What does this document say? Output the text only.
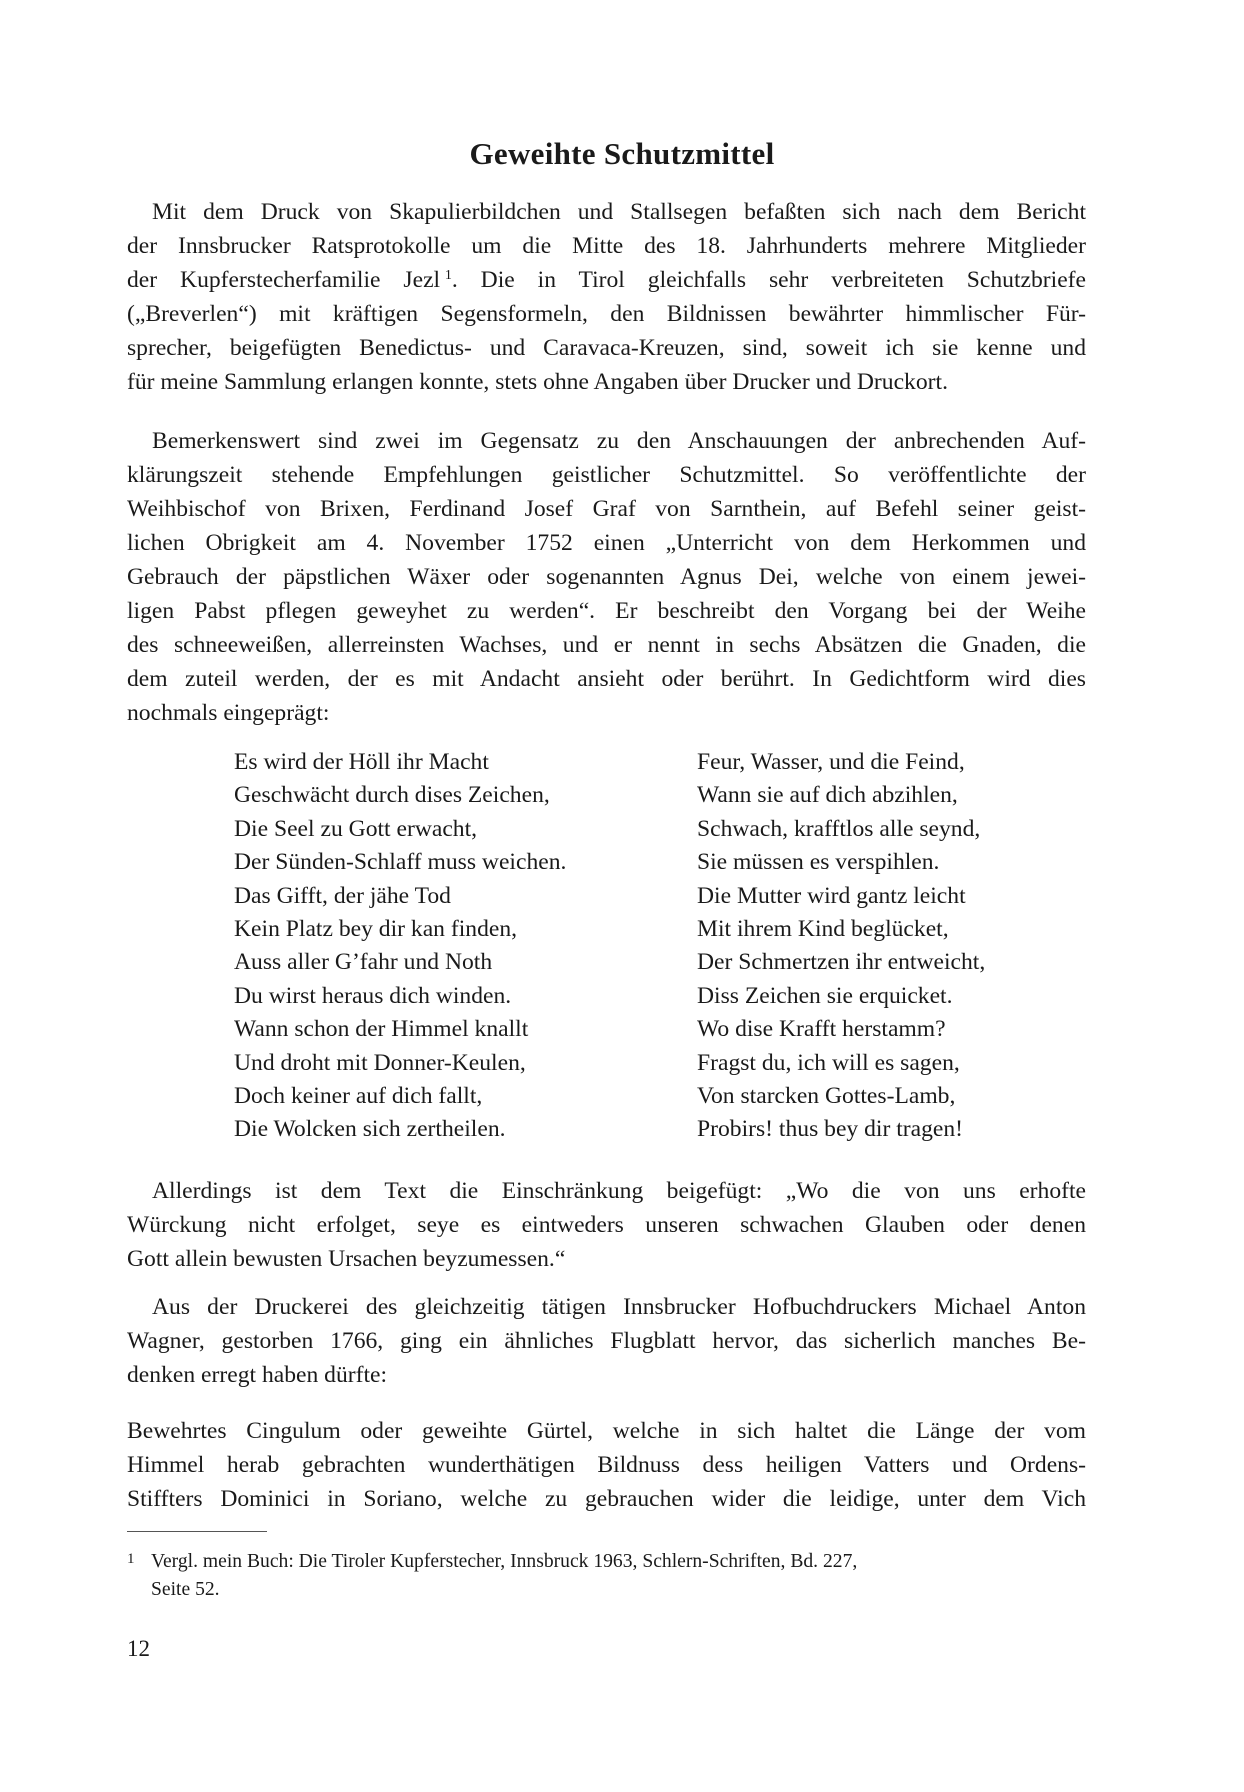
Geweihte Schutzmittel
Mit dem Druck von Skapulierbildchen und Stallsegen befaßten sich nach dem Bericht
der Innsbrucker Ratsprotokolle um die Mitte des 18. Jahrhunderts mehrere Mitglieder
der Kupferstecherfamilie Jezl  $^1$. Die in Tirol gleichfalls sehr verbreiteten Schutzbriefe
(„Breverlen“) mit kräftigen Segensformeln, den Bildnissen bewährter himmlischer Für-
sprecher, beigefügten Benedictus- und Caravaca-Kreuzen, sind, soweit ich sie kenne und
für meine Sammlung erlangen konnte, stets ohne Angaben über Drucker und Druckort.
Bemerkenswert sind zwei im Gegensatz zu den Anschauungen der anbrechenden Auf-
klärungszeit stehende Empfehlungen geistlicher Schutzmittel. So veröffentlichte der
Weihbischof von Brixen, Ferdinand Josef Graf von Sarnthein, auf Befehl seiner geist-
lichen Obrigkeit am 4. November 1752 einen „Unterricht von dem Herkommen und
Gebrauch der päpstlichen Wäxer oder sogenannten Agnus Dei, welche von einem jewei-
ligen Pabst pflegen geweyhet zu werden“. Er beschreibt den Vorgang bei der Weihe
des schneeweißen, allerreinsten Wachses, und er nennt in sechs Absätzen die Gnaden, die
dem zuteil werden, der es mit Andacht ansieht oder berührt. In Gedichtform wird dies
nochmals eingeprägt:
Es wird der Höll ihr Macht
Geschwächt durch dises Zeichen,
Die Seel zu Gott erwacht,
Der Sünden-Schlaff muss weichen.
Das Gifft, der jähe Tod
Kein Platz bey dir kan finden,
Auss aller G’fahr und Noth
Du wirst heraus dich winden.
Wann schon der Himmel knallt
Und droht mit Donner-Keulen,
Doch keiner auf dich fallt,
Die Wolcken sich zertheilen.
Feur, Wasser, und die Feind,
Wann sie auf dich abzihlen,
Schwach, krafftlos alle seynd,
Sie müssen es verspihlen.
Die Mutter wird gantz leicht
Mit ihrem Kind beglücket,
Der Schmertzen ihr entweicht,
Diss Zeichen sie erquicket.
Wo dise Krafft herstamm?
Fragst du, ich will es sagen,
Von starcken Gottes-Lamb,
Probirs! thus bey dir tragen!
Allerdings ist dem Text die Einschränkung beigefügt: „Wo die von uns erhofte
Würckung nicht erfolget, seye es eintweders unseren schwachen Glauben oder denen
Gott allein bewusten Ursachen beyzumessen.“
Aus der Druckerei des gleichzeitig tätigen Innsbrucker Hofbuchdruckers Michael Anton
Wagner, gestorben 1766, ging ein ähnliches Flugblatt hervor, das sicherlich manches Be-
denken erregt haben dürfte:
Bewehrtes Cingulum oder geweihte Gürtel, welche in sich haltet die Länge der vom
Himmel herab gebrachten wunderthätigen Bildnuss dess heiligen Vatters und Ordens-
Stiffters Dominici in Soriano, welche zu gebrauchen wider die leidige, unter dem Vich
1 Vergl. mein Buch: Die Tiroler Kupferstecher, Innsbruck 1963, Schlern-Schriften, Bd. 227,
Seite 52.
12
